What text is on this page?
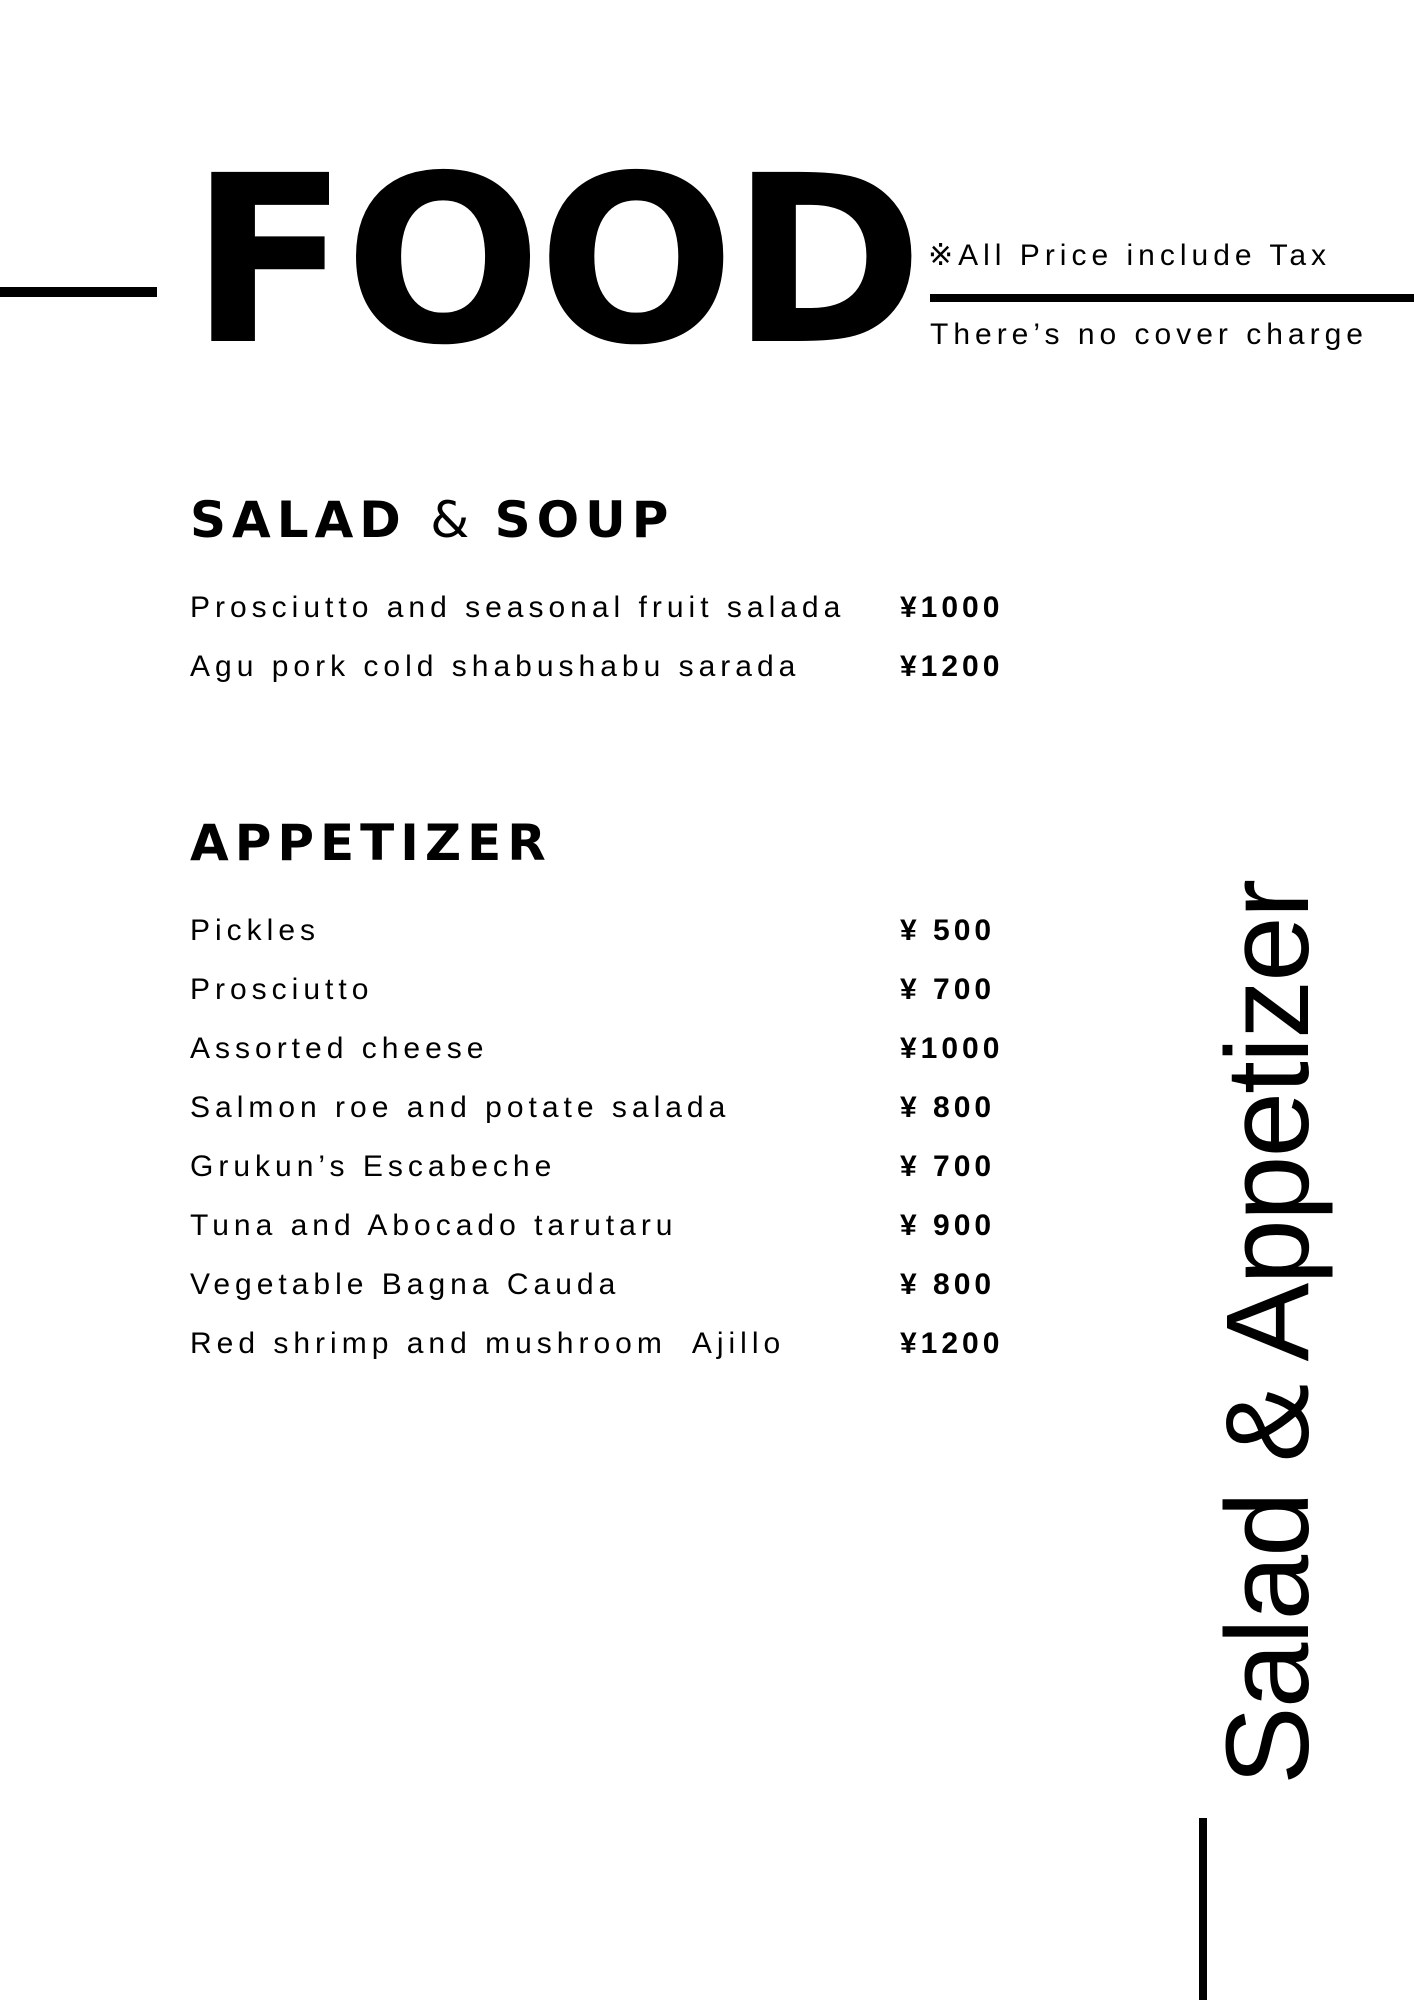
FOOD ※All Price include Tax
There’s no cover charge
SALAD & SOUP
Prosciutto and seasonal fruit salada ¥1000
Agu pork cold shabushabu sarada	¥1200
APPETIZER
Pickles	¥ 500
Prosciutto	¥ 700
Assorted cheese	¥1000
Salmon roe and potate salada	¥ 800
Grukun’s Escabeche	¥ 700
Tuna and Abocado tarutaru	¥ 900
Vegetable Bagna Cauda	¥ 800
Red shrimp and mushroom  Ajillo	¥1200 Salad & Appetizer
